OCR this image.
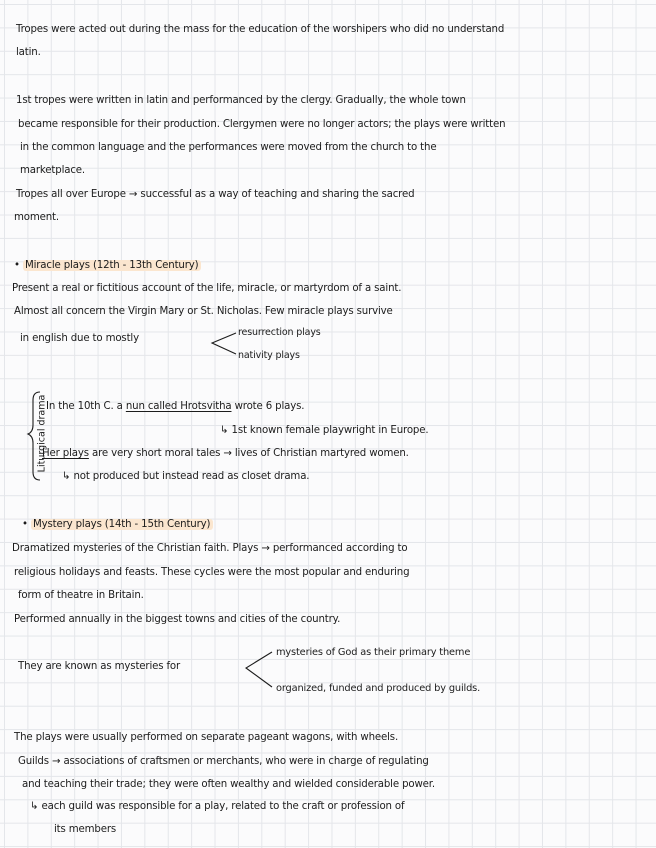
Tropes were acted out during the mass for the education of the worshipers who did no understand
latin.
1st tropes were written in latin and performanced by the clergy. Gradually, the whole town
became responsible for their production. Clergymen were no longer actors; the plays were written
in the common language and the performances were moved from the church to the
marketplace.
Tropes all over Europe → successful as a way of teaching and sharing the sacred
moment.
• Miracle plays (12th - 13th Century)
Present a real or fictitious account of the life, miracle, or martyrdom of a saint.
Almost all concern the Virgin Mary or St. Nicholas. Few miracle plays survive
in english due to mostly
resurrection plays
nativity plays
Liturgical drama
In the 10th C. a nun called Hrotsvitha wrote 6 plays.
↳ 1st known female playwright in Europe.
Her plays are very short moral tales → lives of Christian martyred women.
↳ not produced but instead read as closet drama.
• Mystery plays (14th - 15th Century)
Dramatized mysteries of the Christian faith. Plays → performanced according to
religious holidays and feasts. These cycles were the most popular and enduring
form of theatre in Britain.
Performed annually in the biggest towns and cities of the country.
They are known as mysteries for
mysteries of God as their primary theme
organized, funded and produced by guilds.
The plays were usually performed on separate pageant wagons, with wheels.
Guilds → associations of craftsmen or merchants, who were in charge of regulating
and teaching their trade; they were often wealthy and wielded considerable power.
↳ each guild was responsible for a play, related to the craft or profession of
its members
